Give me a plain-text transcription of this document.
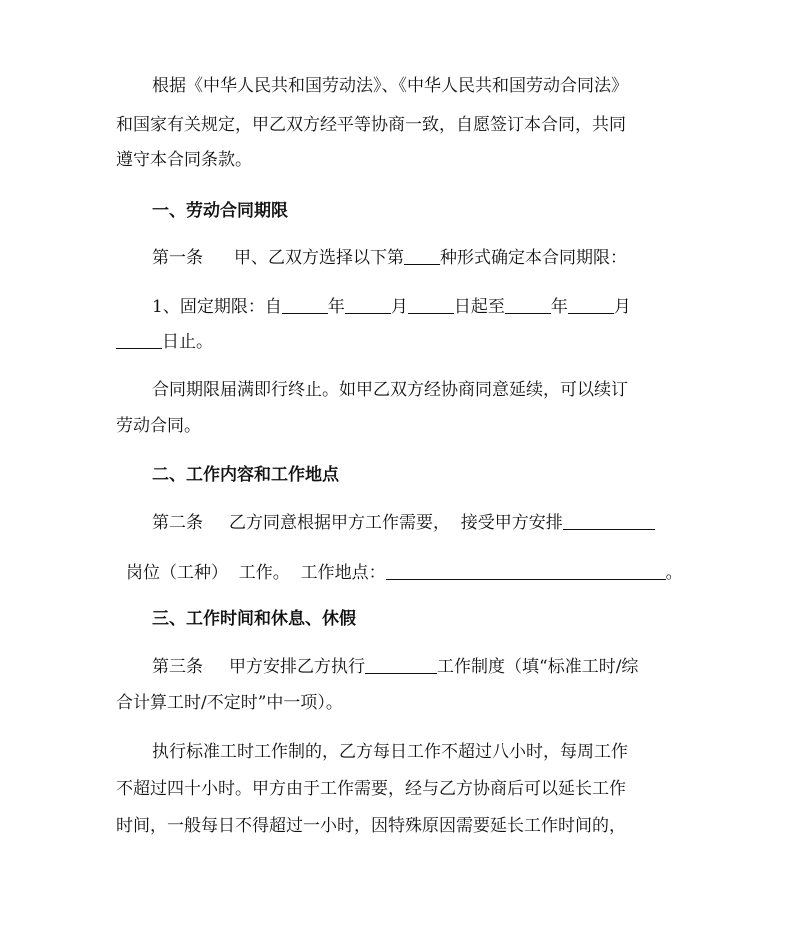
根据《中华人民共和国劳动法》、《中华人民共和国劳动合同法》
和国家有关规定，甲乙双方经平等协商一致，自愿签订本合同，共同
遵守本合同条款。
一、劳动合同期限
第一条 甲、乙双方选择以下第 种形式确定本合同期限：
1、固定期限：自	年	月	日起至	年	月
日止。
合同期限届满即行终止。如甲乙双方经协商同意延续，可以续订
劳动合同。
二、工作内容和工作地点
第二条 乙方同意根据甲方工作需要，  接受甲方安排
岗位（工种）  工作。  工作地点：	。
三、工作时间和休息、休假
第三条 甲方安排乙方执行	工作制度（填“标准工时/综
合计算工时/不定时”中一项）。
执行标准工时工作制的，乙方每日工作不超过八小时，每周工作
不超过四十小时。甲方由于工作需要，经与乙方协商后可以延长工作
时间，一般每日不得超过一小时，因特殊原因需要延长工作时间的，
